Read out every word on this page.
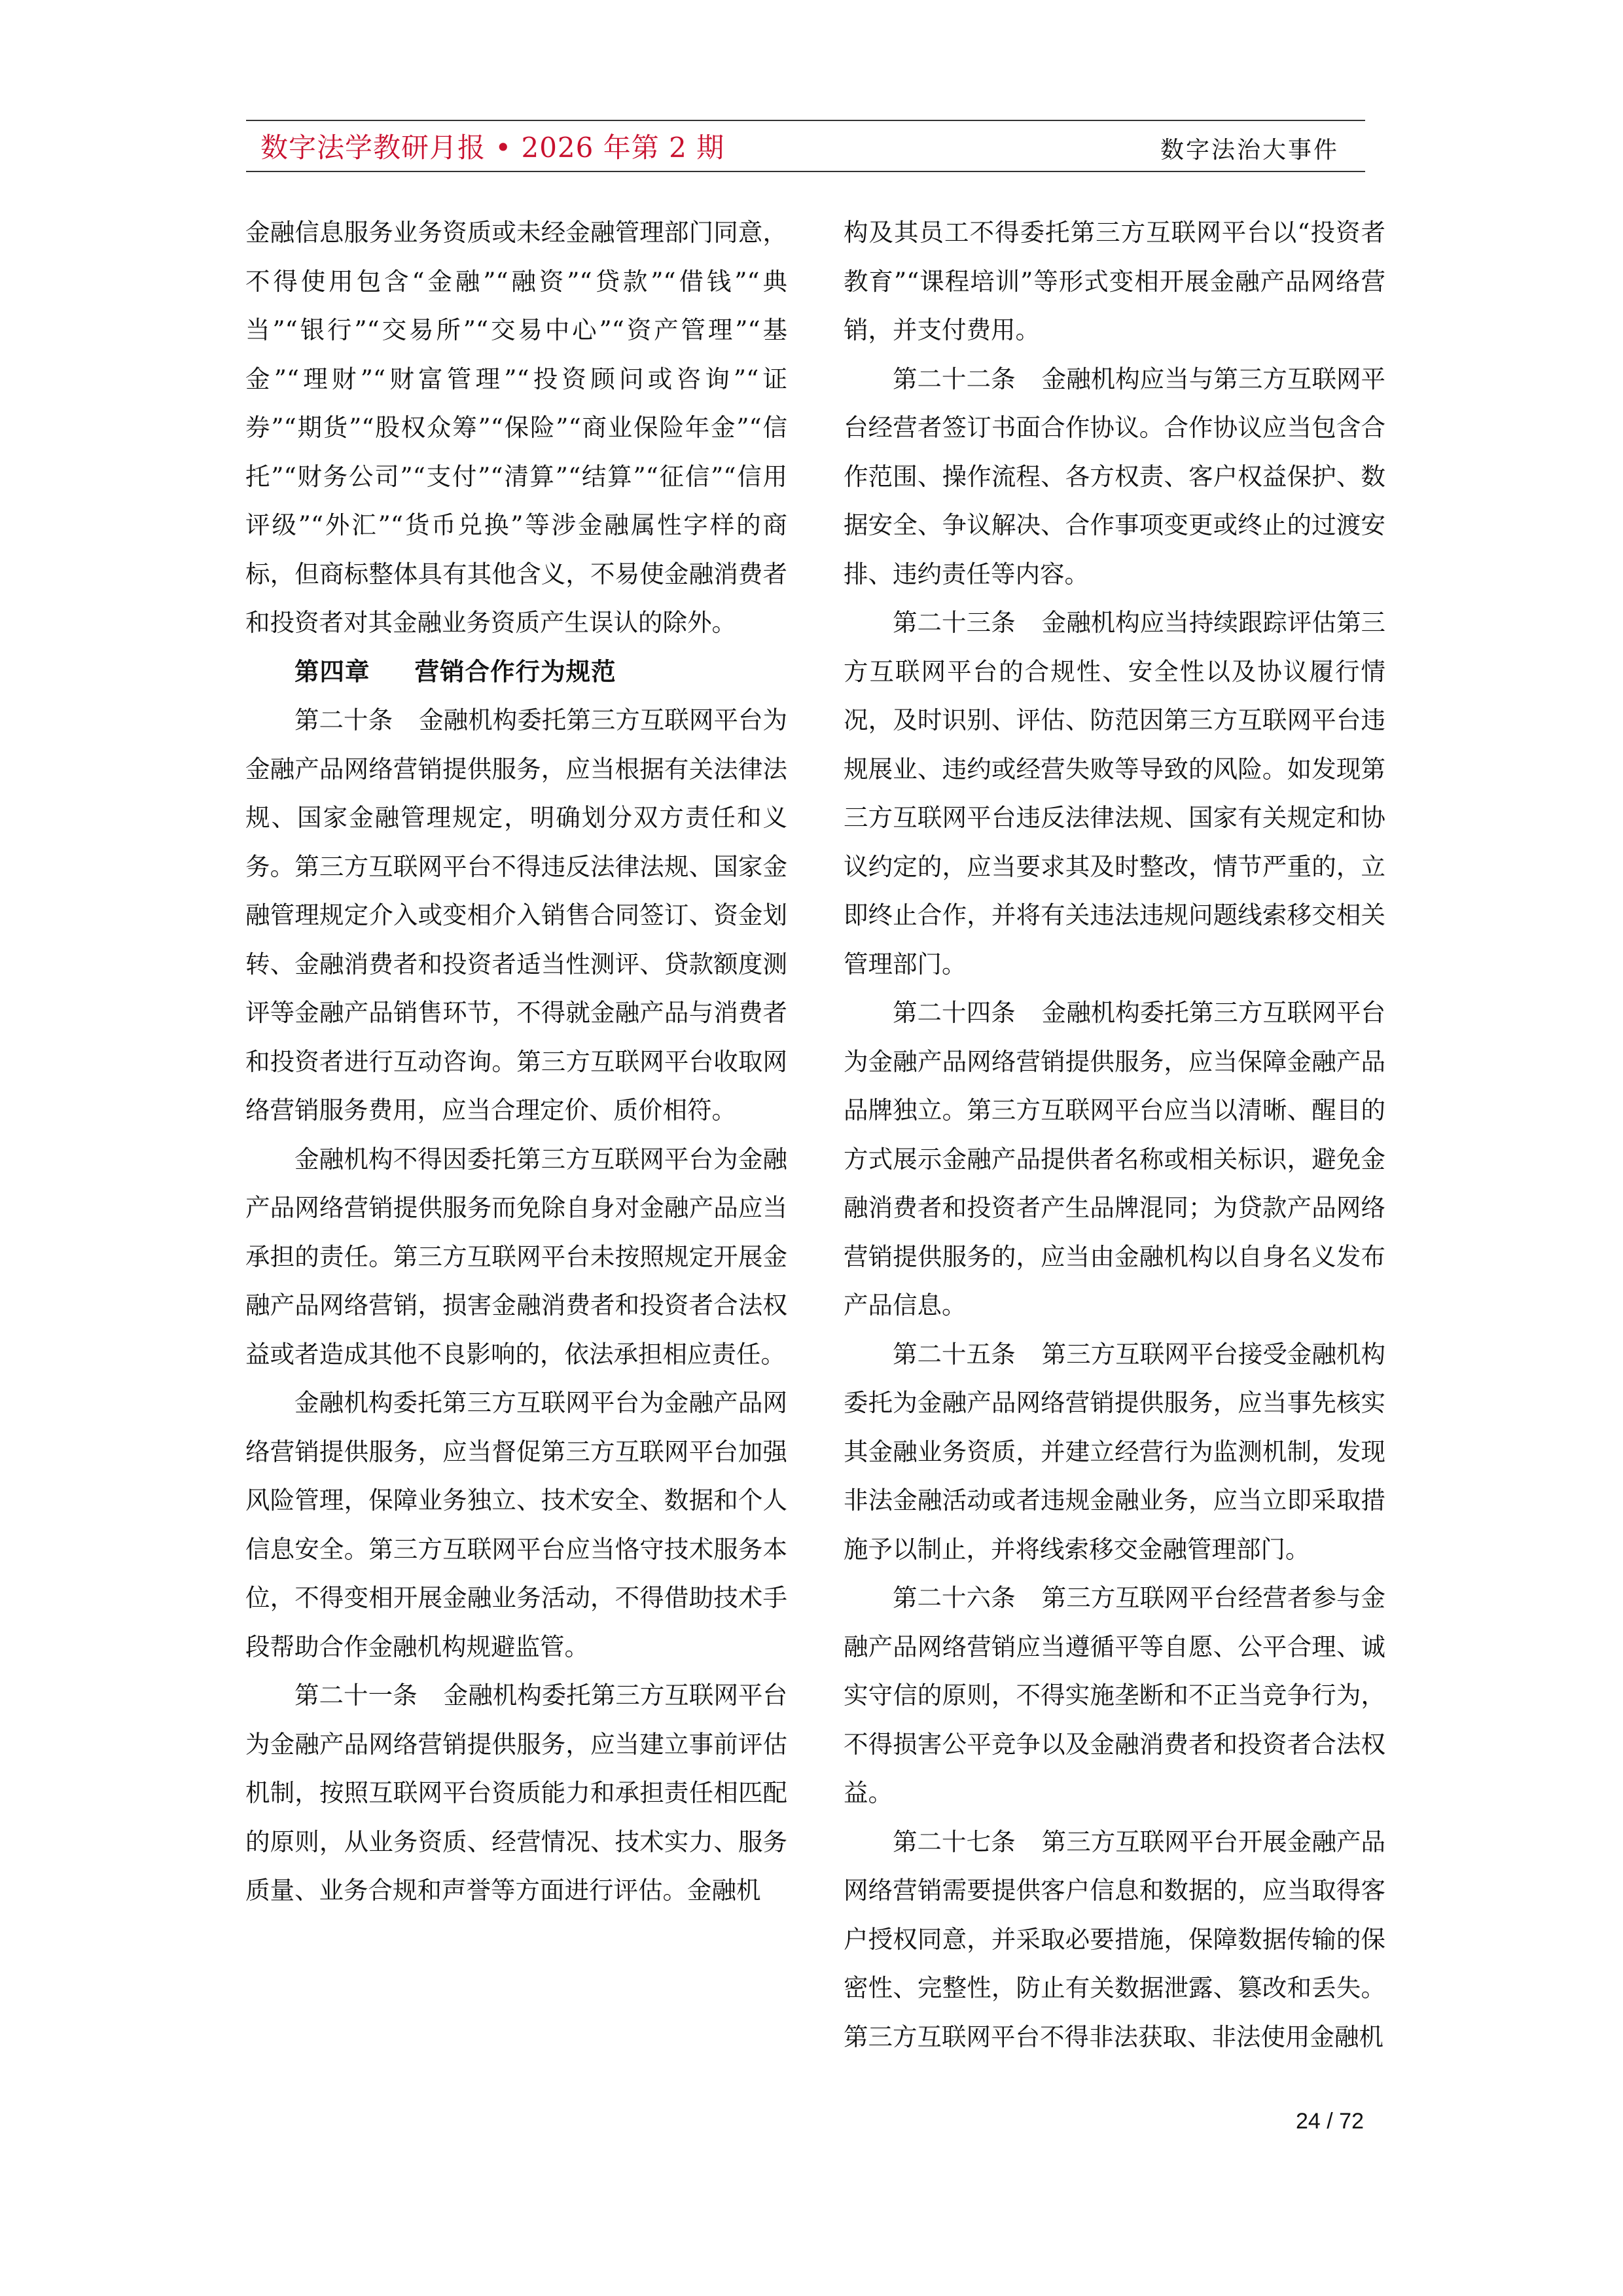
数字法学教研月报 • 2026 年第 2 期	数字法治大事件

金融信息服务业务资质或未经金融管理部门同意，不得使用包含“金融”“融资”“贷款”“借钱”“典当”“银行”“交易所”“交易中心”“资产管理”“基金”“理财”“财富管理”“投资顾问或咨询”“证券”“期货”“股权众筹”“保险”“商业保险年金”“信托”“财务公司”“支付”“清算”“结算”“征信”“信用评级”“外汇”“货币兑换”等涉金融属性字样的商标，但商标整体具有其他含义，不易使金融消费者和投资者对其金融业务资质产生误认的除外。

第四章 营销合作行为规范

第二十条 金融机构委托第三方互联网平台为金融产品网络营销提供服务，应当根据有关法律法规、国家金融管理规定，明确划分双方责任和义务。第三方互联网平台不得违反法律法规、国家金融管理规定介入或变相介入销售合同签订、资金划转、金融消费者和投资者适当性测评、贷款额度测评等金融产品销售环节，不得就金融产品与消费者和投资者进行互动咨询。第三方互联网平台收取网络营销服务费用，应当合理定价、质价相符。

金融机构不得因委托第三方互联网平台为金融产品网络营销提供服务而免除自身对金融产品应当承担的责任。第三方互联网平台未按照规定开展金融产品网络营销，损害金融消费者和投资者合法权益或者造成其他不良影响的，依法承担相应责任。

金融机构委托第三方互联网平台为金融产品网络营销提供服务，应当督促第三方互联网平台加强风险管理，保障业务独立、技术安全、数据和个人信息安全。第三方互联网平台应当恪守技术服务本位，不得变相开展金融业务活动，不得借助技术手段帮助合作金融机构规避监管。

第二十一条 金融机构委托第三方互联网平台为金融产品网络营销提供服务，应当建立事前评估机制，按照互联网平台资质能力和承担责任相匹配的原则，从业务资质、经营情况、技术实力、服务质量、业务合规和声誉等方面进行评估。金融机

构及其员工不得委托第三方互联网平台以“投资者教育”“课程培训”等形式变相开展金融产品网络营销，并支付费用。

第二十二条 金融机构应当与第三方互联网平台经营者签订书面合作协议。合作协议应当包含合作范围、操作流程、各方权责、客户权益保护、数据安全、争议解决、合作事项变更或终止的过渡安排、违约责任等内容。

第二十三条 金融机构应当持续跟踪评估第三方互联网平台的合规性、安全性以及协议履行情况，及时识别、评估、防范因第三方互联网平台违规展业、违约或经营失败等导致的风险。如发现第三方互联网平台违反法律法规、国家有关规定和协议约定的，应当要求其及时整改，情节严重的，立即终止合作，并将有关违法违规问题线索移交相关管理部门。

第二十四条 金融机构委托第三方互联网平台为金融产品网络营销提供服务，应当保障金融产品品牌独立。第三方互联网平台应当以清晰、醒目的方式展示金融产品提供者名称或相关标识，避免金融消费者和投资者产生品牌混同；为贷款产品网络营销提供服务的，应当由金融机构以自身名义发布产品信息。

第二十五条 第三方互联网平台接受金融机构委托为金融产品网络营销提供服务，应当事先核实其金融业务资质，并建立经营行为监测机制，发现非法金融活动或者违规金融业务，应当立即采取措施予以制止，并将线索移交金融管理部门。

第二十六条 第三方互联网平台经营者参与金融产品网络营销应当遵循平等自愿、公平合理、诚实守信的原则，不得实施垄断和不正当竞争行为，不得损害公平竞争以及金融消费者和投资者合法权益。

第二十七条 第三方互联网平台开展金融产品网络营销需要提供客户信息和数据的，应当取得客户授权同意，并采取必要措施，保障数据传输的保密性、完整性，防止有关数据泄露、篡改和丢失。第三方互联网平台不得非法获取、非法使用金融机

24 / 72
